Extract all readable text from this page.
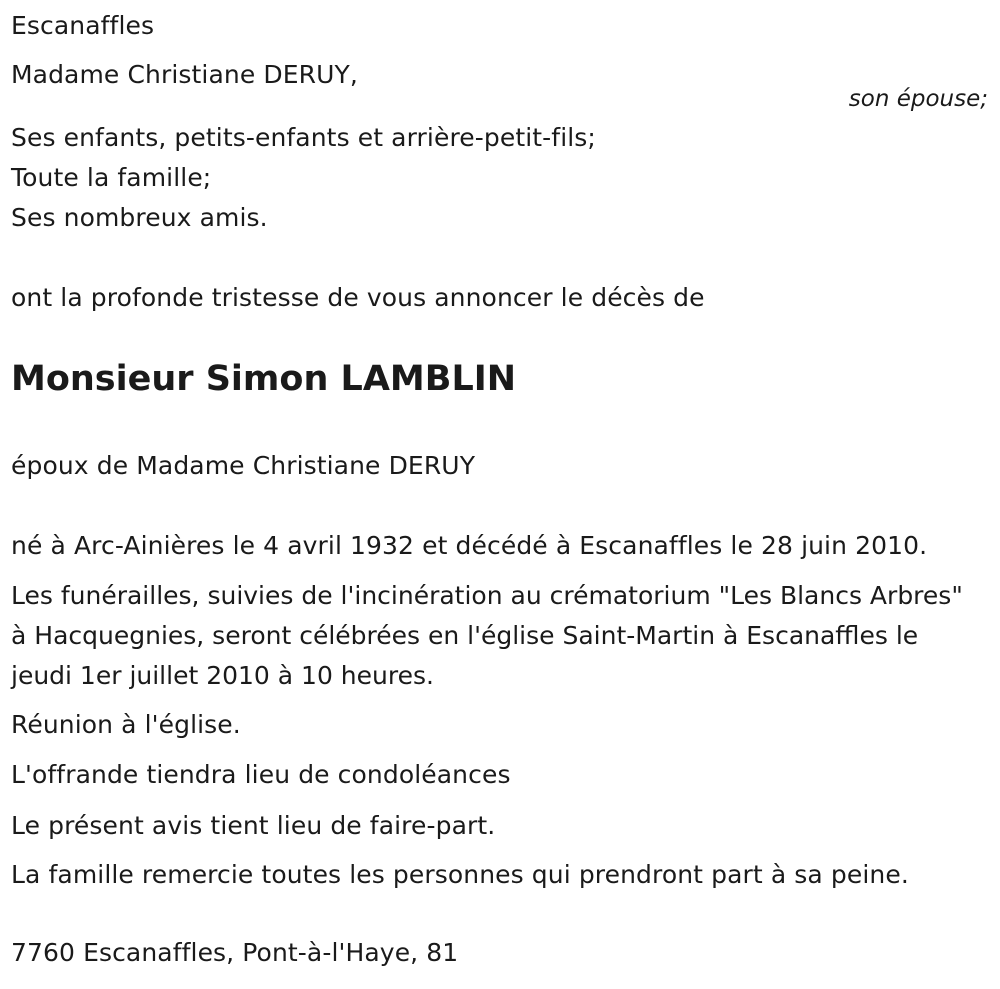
Escanaffles
Madame Christiane DERUY,
son épouse;
Ses enfants, petits-enfants et arrière-petit-fils;
Toute la famille;
Ses nombreux amis.
ont la profonde tristesse de vous annoncer le décès de
Monsieur Simon LAMBLIN
époux de Madame Christiane DERUY
né à Arc-Ainières le 4 avril 1932 et décédé à Escanaffles le 28 juin 2010.
Les funérailles, suivies de l'incinération au crématorium "Les Blancs Arbres" à Hacquegnies, seront célébrées en l'église Saint-Martin à Escanaffles le jeudi 1er juillet 2010 à 10 heures.
Réunion à l'église.
L'offrande tiendra lieu de condoléances
Le présent avis tient lieu de faire-part.
La famille remercie toutes les personnes qui prendront part à sa peine.
7760 Escanaffles, Pont-à-l'Haye, 81
